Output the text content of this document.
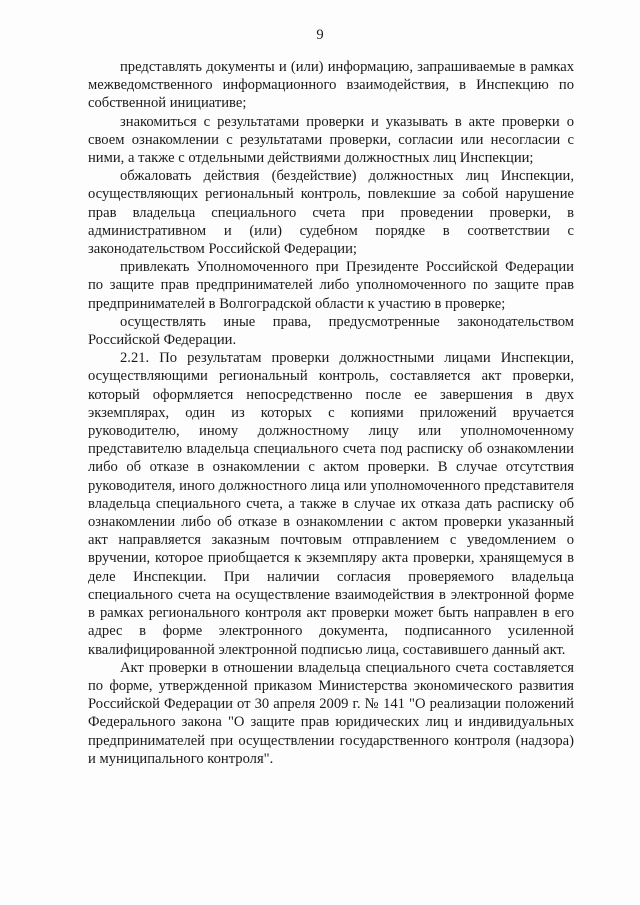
9

представлять документы и (или) информацию, запрашиваемые в рамках межведомственного информационного взаимодействия, в Инспекцию по собственной инициативе;

знакомиться с результатами проверки и указывать в акте проверки о своем ознакомлении с результатами проверки, согласии или несогласии с ними, а также с отдельными действиями должностных лиц Инспекции;

обжаловать действия (бездействие) должностных лиц Инспекции, осуществляющих региональный контроль, повлекшие за собой нарушение прав владельца специального счета при проведении проверки, в административном и (или) судебном порядке в соответствии с законодательством Российской Федерации;

привлекать Уполномоченного при Президенте Российской Федерации по защите прав предпринимателей либо уполномоченного по защите прав предпринимателей в Волгоградской области к участию в проверке;

осуществлять иные права, предусмотренные законодательством Российской Федерации.

2.21. По результатам проверки должностными лицами Инспекции, осуществляющими региональный контроль, составляется акт проверки, который оформляется непосредственно после ее завершения в двух экземплярах, один из которых с копиями приложений вручается руководителю, иному должностному лицу или уполномоченному представителю владельца специального счета под расписку об ознакомлении либо об отказе в ознакомлении с актом проверки. В случае отсутствия руководителя, иного должностного лица или уполномоченного представителя владельца специального счета, а также в случае их отказа дать расписку об ознакомлении либо об отказе в ознакомлении с актом проверки указанный акт направляется заказным почтовым отправлением с уведомлением о вручении, которое приобщается к экземпляру акта проверки, хранящемуся в деле Инспекции. При наличии согласия проверяемого владельца специального счета на осуществление взаимодействия в электронной форме в рамках регионального контроля акт проверки может быть направлен в его адрес в форме электронного документа, подписанного усиленной квалифицированной электронной подписью лица, составившего данный акт.

Акт проверки в отношении владельца специального счета составляется по форме, утвержденной приказом Министерства экономического развития Российской Федерации от 30 апреля 2009 г. № 141 "О реализации положений Федерального закона "О защите прав юридических лиц и индивидуальных предпринимателей при осуществлении государственного контроля (надзора) и муниципального контроля".
